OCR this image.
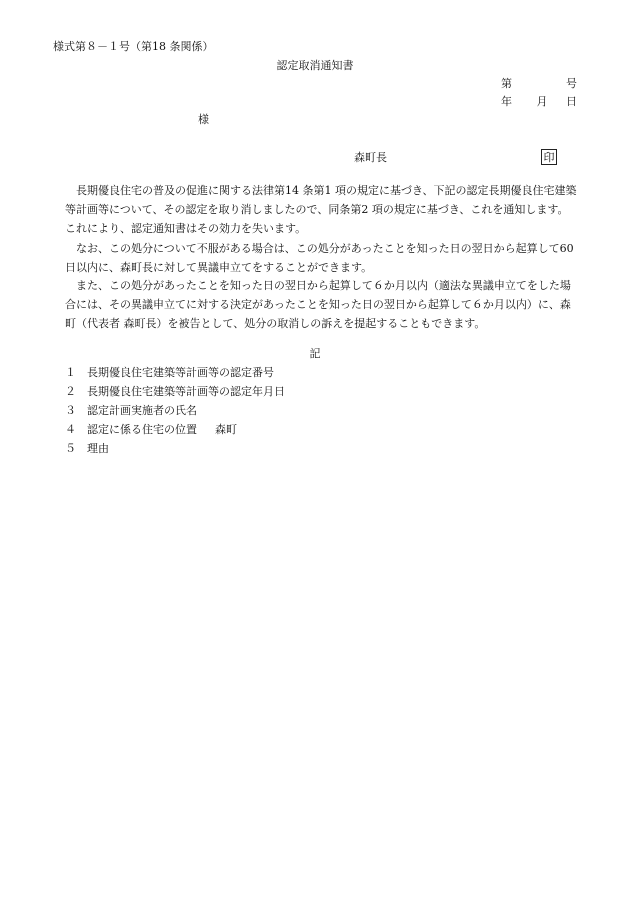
様式第８－１号（第18 条関係）
認定取消通知書
第	号
年 月 日
様
森町長	印
　長期優良住宅の普及の促進に関する法律第14 条第1 項の規定に基づき、下記の認定長期優良住宅建築
等計画等について、その認定を取り消しましたので、同条第2 項の規定に基づき、これを通知します。
これにより、認定通知書はその効力を失います。
　なお、この処分について不服がある場合は、この処分があったことを知った日の翌日から起算して60
日以内に、森町長に対して異議申立てをすることができます。
　また、この処分があったことを知った日の翌日から起算して６か月以内（適法な異議申立てをした場
合には、その異議申立てに対する決定があったことを知った日の翌日から起算して６か月以内）に、森
町（代表者 森町長）を被告として、処分の取消しの訴えを提起することもできます。
記
１	長期優良住宅建築等計画等の認定番号
２	長期優良住宅建築等計画等の認定年月日
３	認定計画実施者の氏名
４	認定に係る住宅の位置 森町
５	理由
